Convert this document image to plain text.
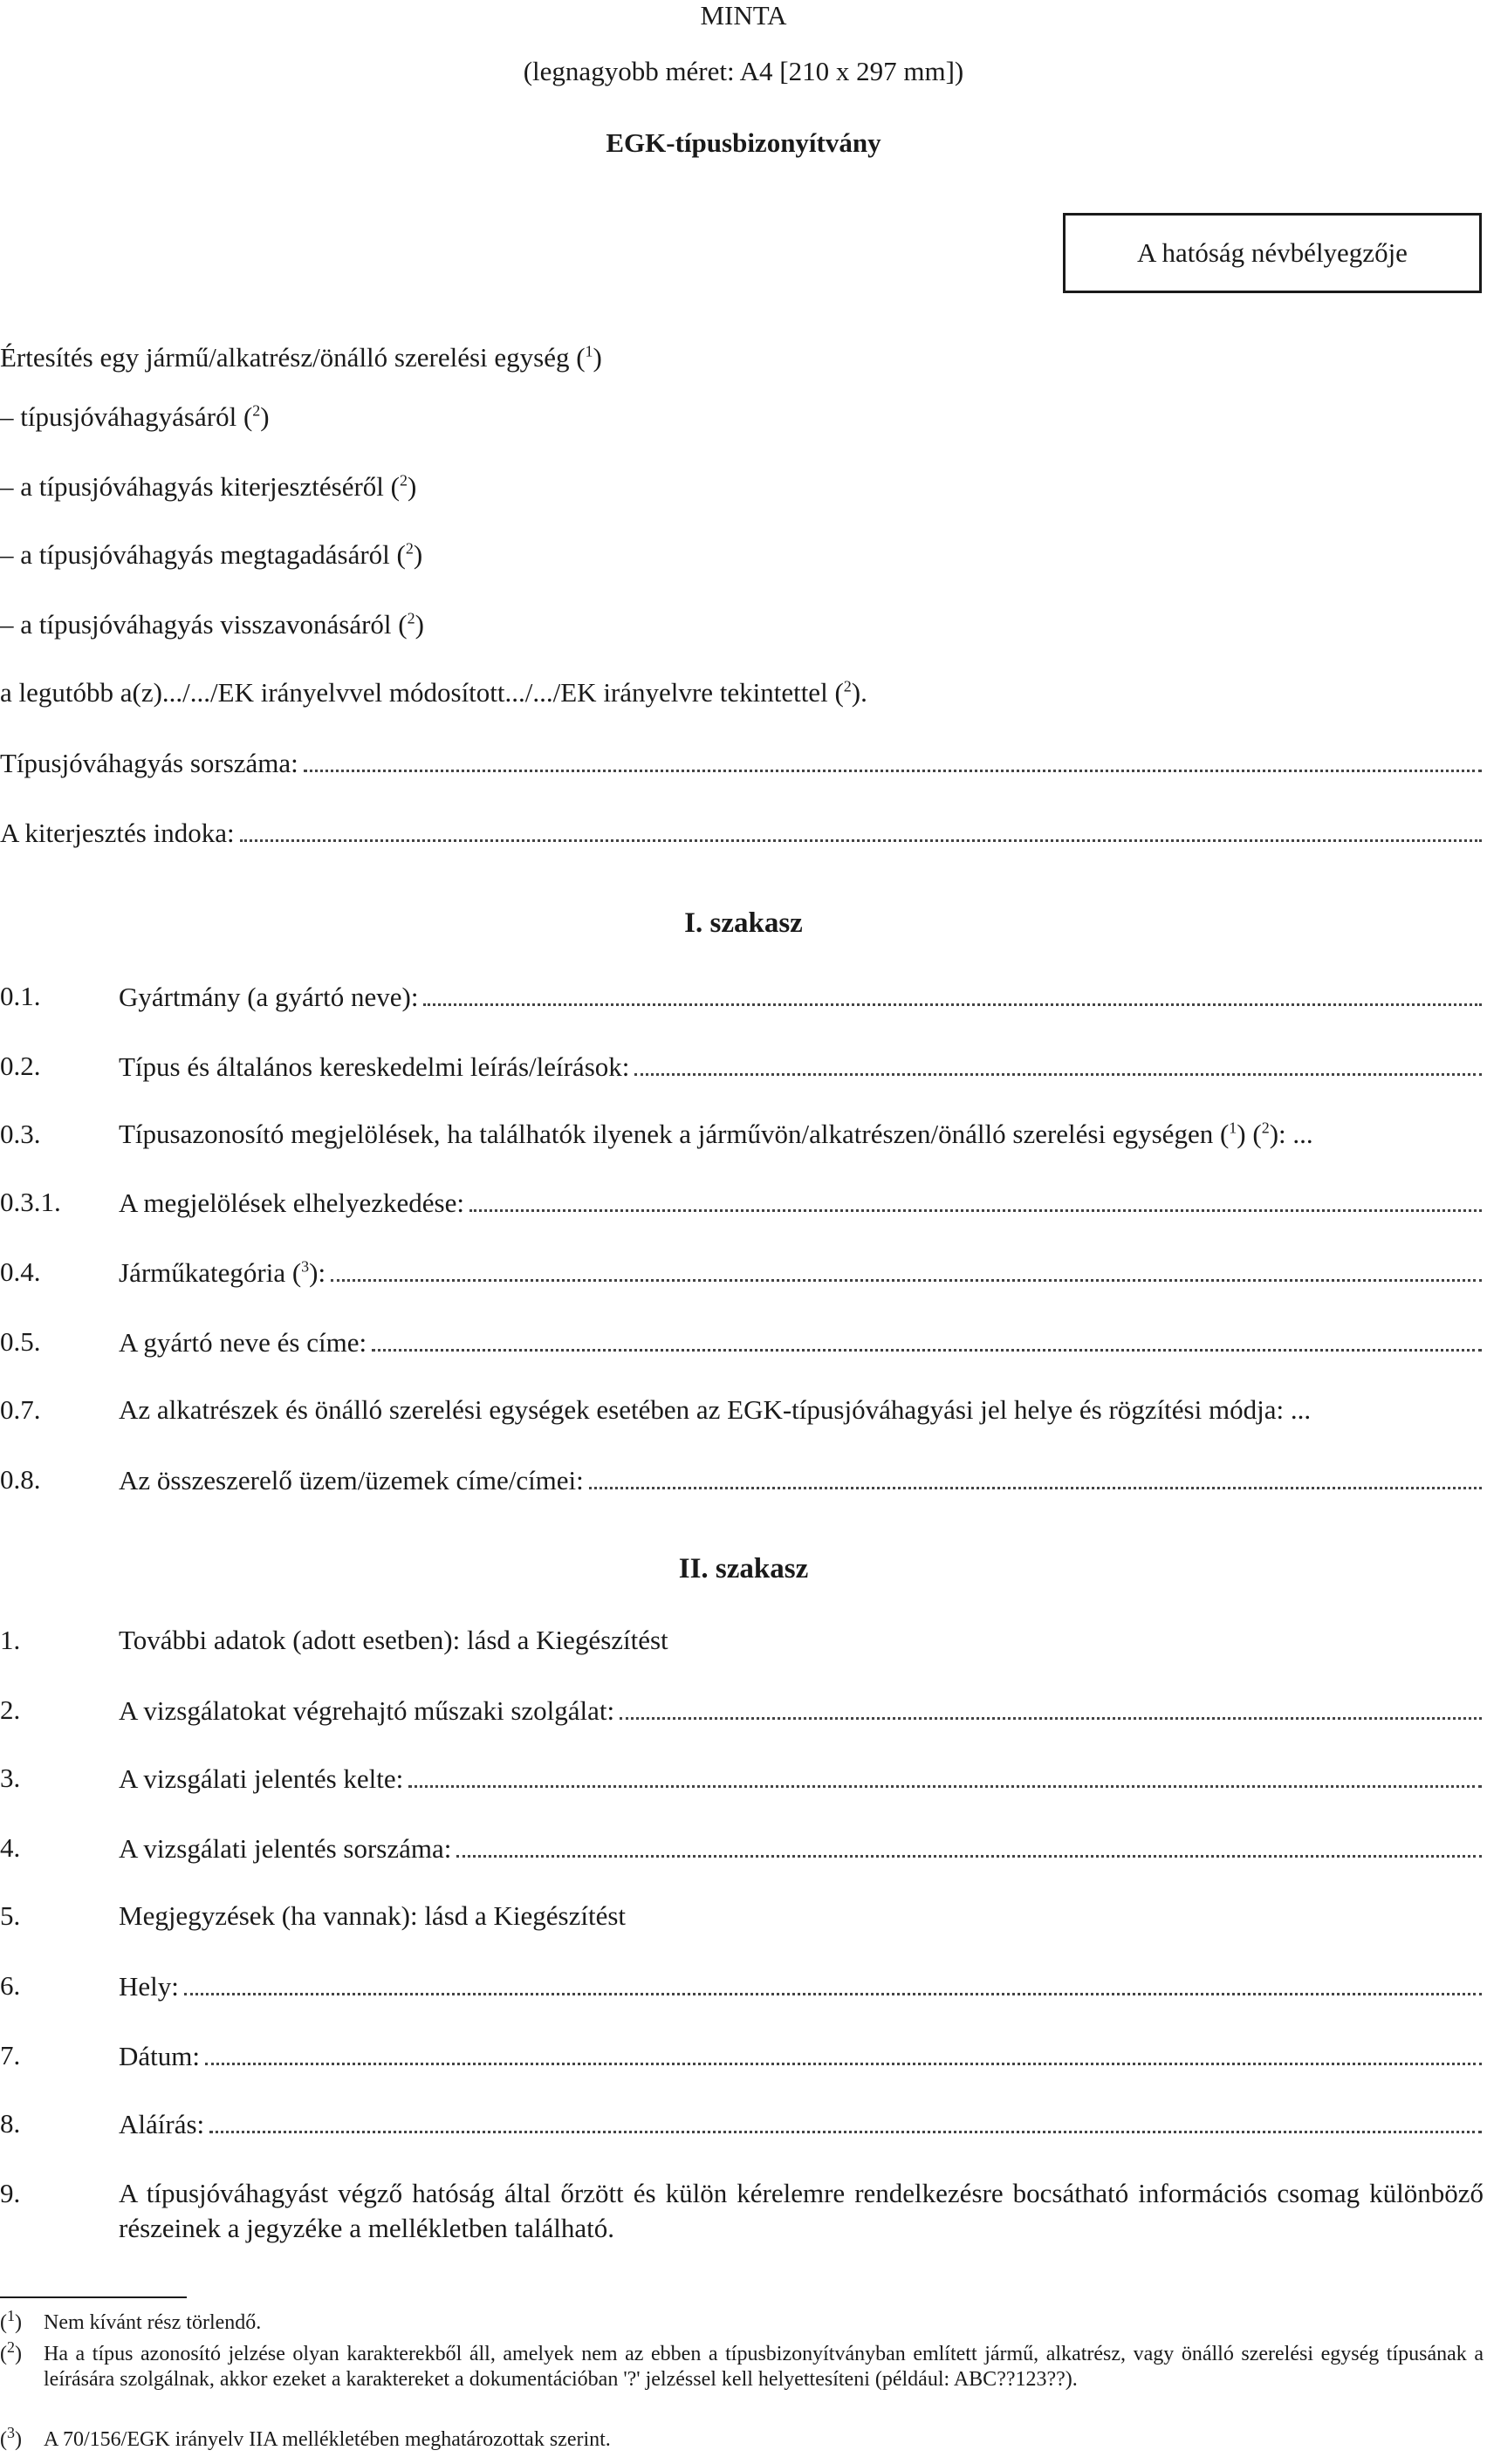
MINTA
(legnagyobb méret: A4 [210 x 297 mm])
EGK-típusbizonyítvány
A hatóság névbélyegzője
Értesítés egy jármű/alkatrész/önálló szerelési egység ($^1$)
– típusjóváhagyásáról ($^2$)
– a típusjóváhagyás kiterjesztéséről ($^2$)
– a típusjóváhagyás megtagadásáról ($^2$)
– a típusjóváhagyás visszavonásáról ($^2$)
a legutóbb a(z).../.../EK irányelvvel módosított.../.../EK irányelvre tekintettel ($^2$).
Típusjóváhagyás sorszáma:
A kiterjesztés indoka:
I. szakasz
0.1.	Gyártmány (a gyártó neve):
0.2.	Típus és általános kereskedelmi leírás/leírások:
0.3.	Típusazonosító megjelölések, ha találhatók ilyenek a járművön/alkatrészen/önálló szerelési egységen ($^1$) ($^2$): ...
0.3.1. A megjelölések elhelyezkedése:
0.4.	Járműkategória ($^3$):
0.5.	A gyártó neve és címe:
0.7.	Az alkatrészek és önálló szerelési egységek esetében az EGK-típusjóváhagyási jel helye és rögzítési módja: ...
0.8.	Az összeszerelő üzem/üzemek címe/címei:
II. szakasz
1.	További adatok (adott esetben): lásd a Kiegészítést
2.	A vizsgálatokat végrehajtó műszaki szolgálat:
3.	A vizsgálati jelentés kelte:
4.	A vizsgálati jelentés sorszáma:
5.	Megjegyzések (ha vannak): lásd a Kiegészítést
6.	Hely:
7.	Dátum:
8.	Aláírás:
9.	A típusjóváhagyást végző hatóság által őrzött és külön kérelemre rendelkezésre bocsátható információs csomag különböző részeinek a jegyzéke a mellékletben található.
($^1$) Nem kívánt rész törlendő.
($^2$) Ha a típus azonosító jelzése olyan karakterekből áll, amelyek nem az ebben a típusbizonyítványban említett jármű, alkatrész, vagy önálló szerelési egység típusának a leírására szolgálnak, akkor ezeket a karaktereket a dokumentációban '?' jelzéssel kell helyettesíteni (például: ABC??123??).
($^3$) A 70/156/EGK irányelv IIA mellékletében meghatározottak szerint.
